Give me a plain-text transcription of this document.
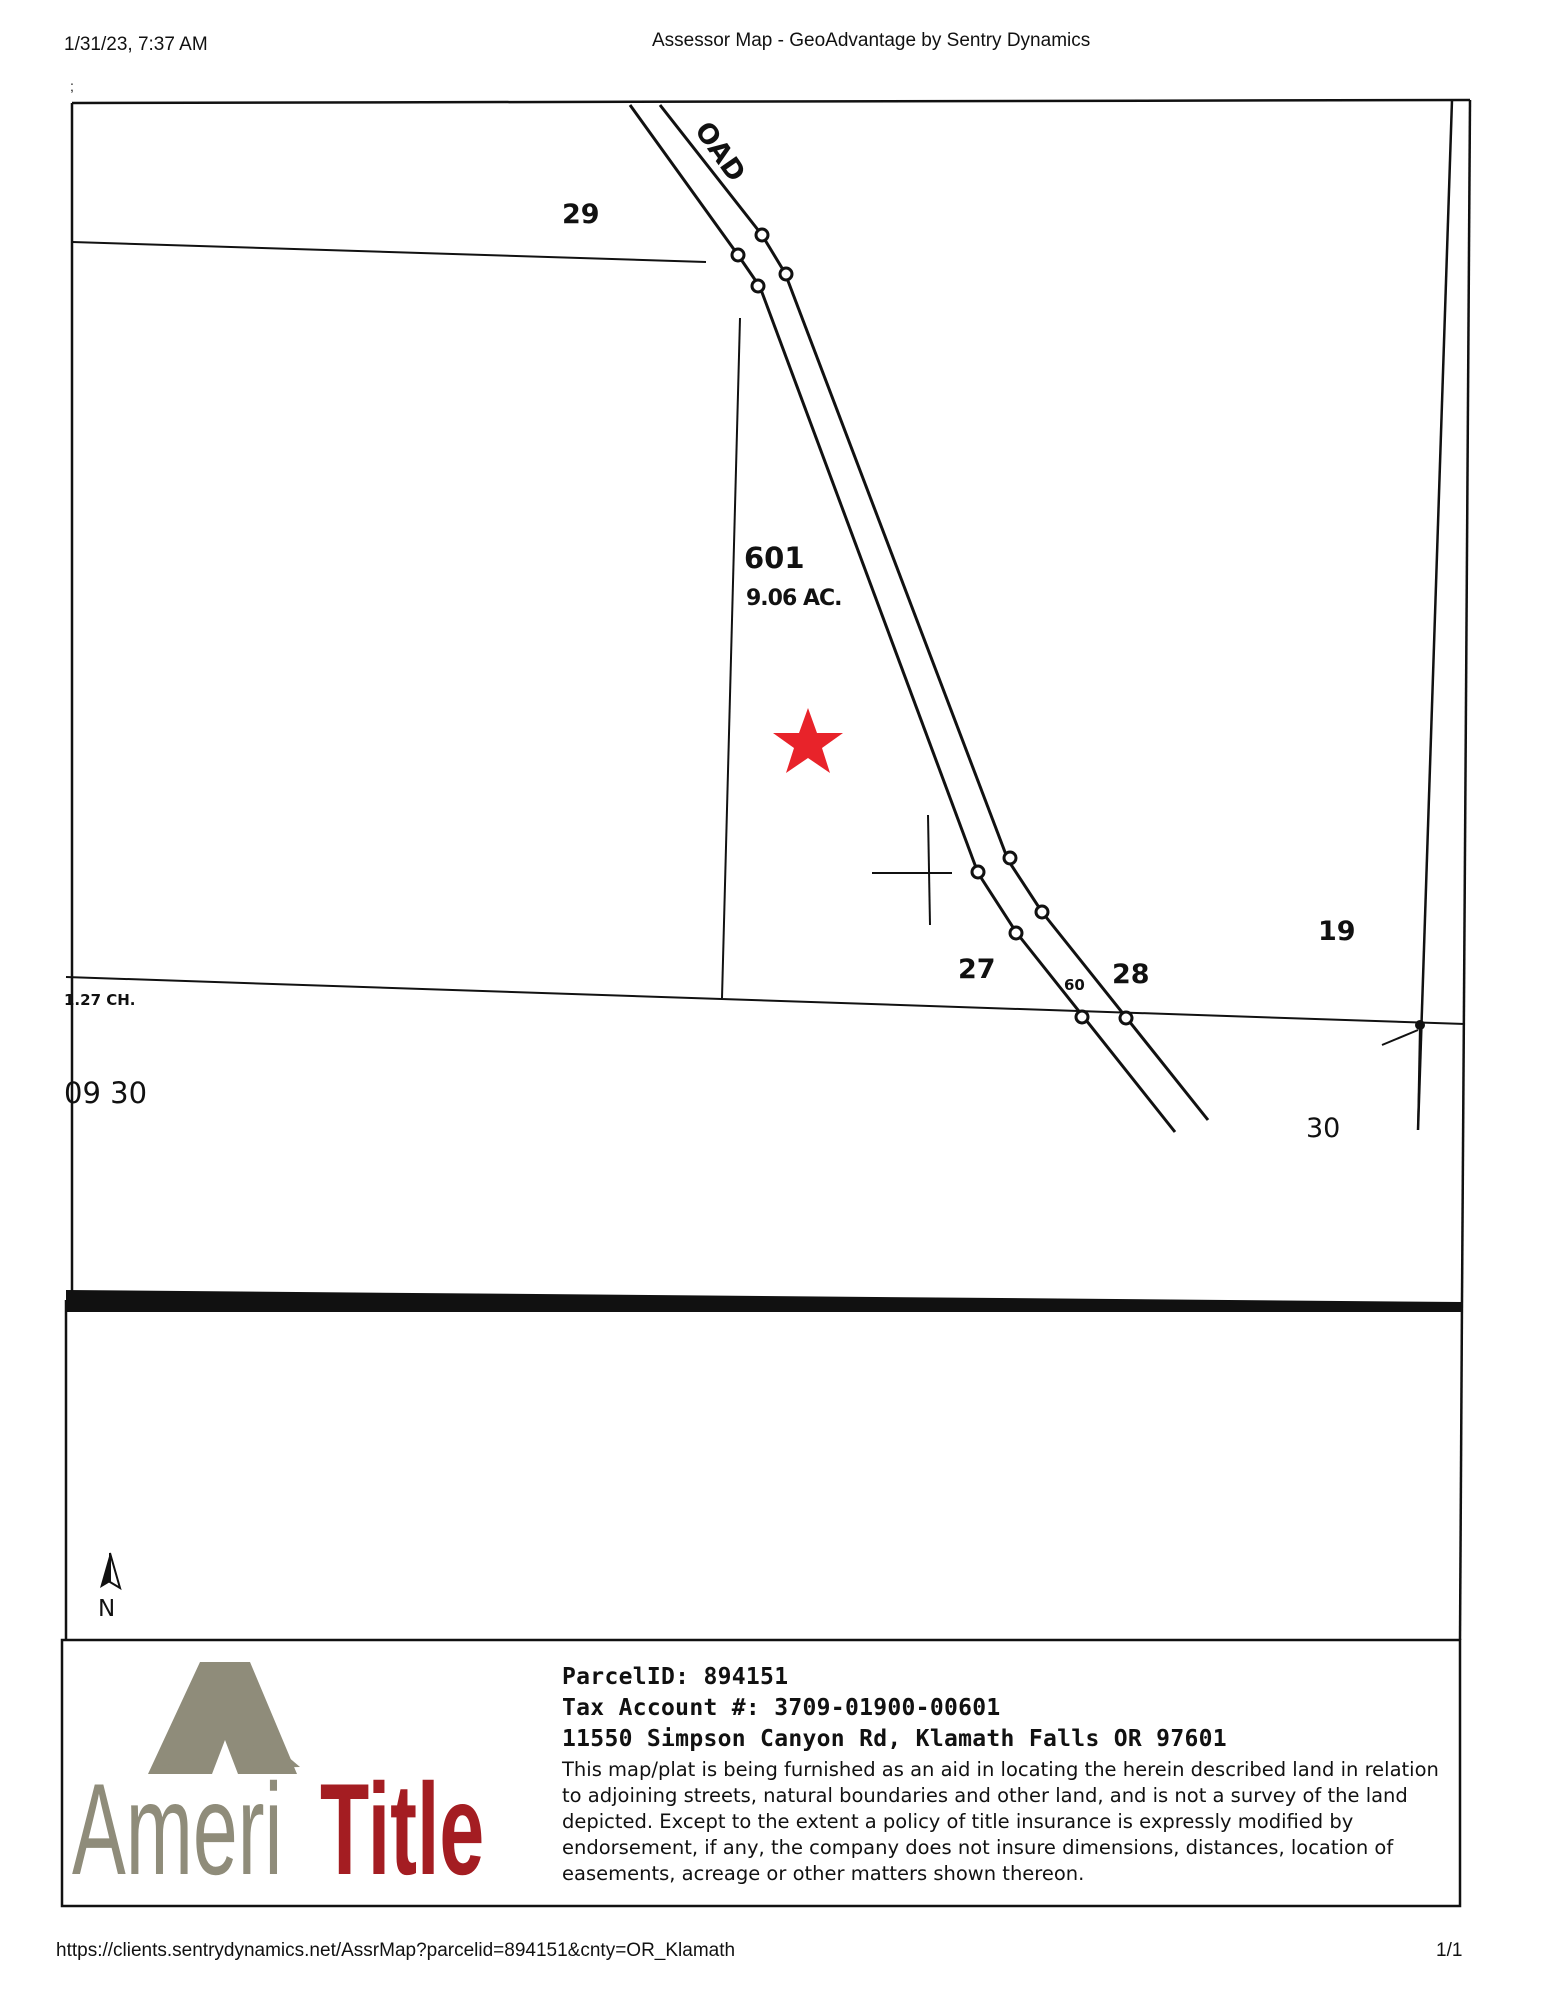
1/31/23, 7:37 AM	Assessor Map - GeoAdvantage by Sentry Dynamics
;
OAD
29
601
9.06 AC.
27	28
60
19
1.27 CH.
09 30
30
N
Ameri Title
ParcelID: 894151
Tax Account #: 3709-01900-00601
11550 Simpson Canyon Rd, Klamath Falls OR 97601
This map/plat is being furnished as an aid in locating the herein described land in relation to adjoining streets, natural boundaries and other land, and is not a survey of the land depicted. Except to the extent a policy of title insurance is expressly modified by endorsement, if any, the company does not insure dimensions, distances, location of easements, acreage or other matters shown thereon.
https://clients.sentrydynamics.net/AssrMap?parcelid=894151&cnty=OR_Klamath	1/1
